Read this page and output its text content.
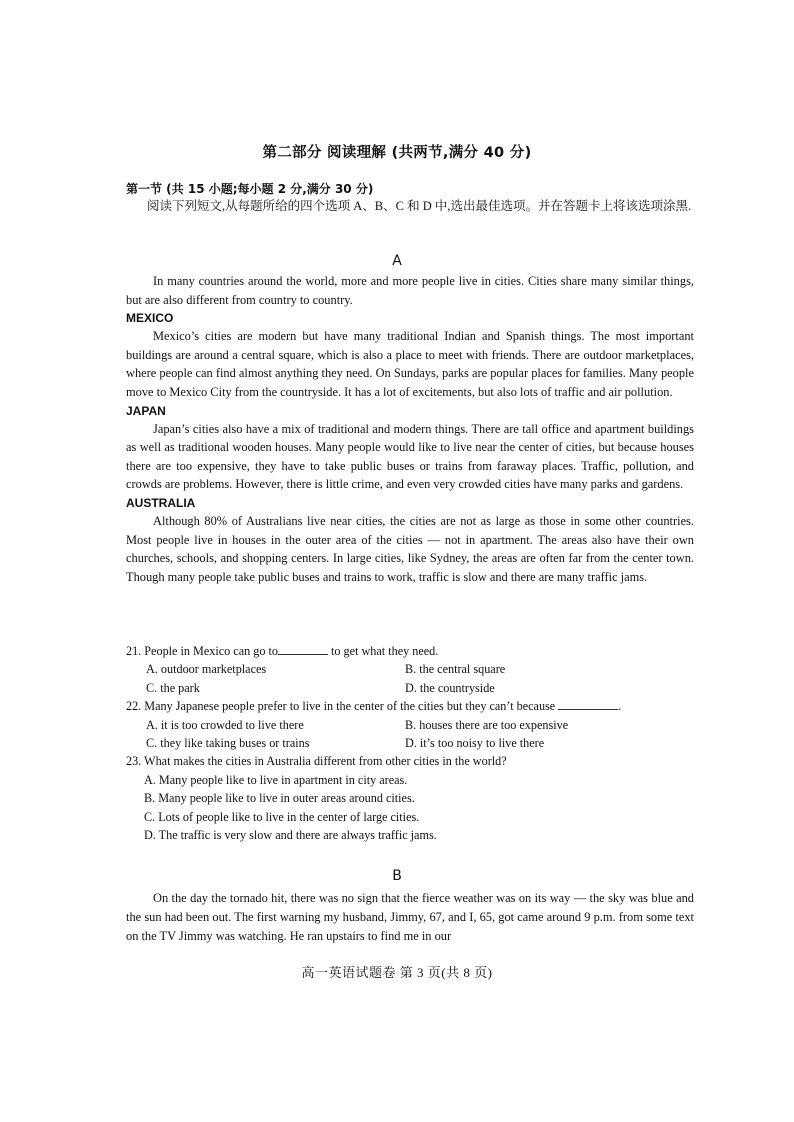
第二部分 阅读理解 (共两节,满分 40 分)
第一节 (共 15 小题;每小题 2 分,满分 30 分)
阅读下列短文,从每题所给的四个选项 A、B、C 和 D 中,选出最佳选项。并在答题卡上将该选项涂黑.
A

In many countries around the world, more and more people live in cities. Cities share many similar things, but are also different from country to country.

MEXICO

Mexico’s cities are modern but have many traditional Indian and Spanish things. The most important buildings are around a central square, which is also a place to meet with friends. There are outdoor marketplaces, where people can find almost anything they need. On Sundays, parks are popular places for families. Many people move to Mexico City from the countryside. It has a lot of excitements, but also lots of traffic and air pollution.

JAPAN

Japan’s cities also have a mix of traditional and modern things. There are tall office and apartment buildings as well as traditional wooden houses. Many people would like to live near the center of cities, but because houses there are too expensive, they have to take public buses or trains from faraway places. Traffic, pollution, and crowds are problems. However, there is little crime, and even very crowded cities have many parks and gardens.

AUSTRALIA

Although 80% of Australians live near cities, the cities are not as large as those in some other countries. Most people live in houses in the outer area of the cities — not in apartment. The areas also have their own churches, schools, and shopping centers. In large cities, like Sydney, the areas are often far from the center town. Though many people take public buses and trains to work, traffic is slow and there are many traffic jams.

21. People in Mexico can go to	to get what they need.
A. outdoor marketplaces	B. the central square
C. the park	D. the countryside
22. Many Japanese people prefer to live in the center of the cities but they can’t because	.
A. it is too crowded to live there	B. houses there are too expensive
C. they like taking buses or trains	D. it’s too noisy to live there
23. What makes the cities in Australia different from other cities in the world?
A. Many people like to live in apartment in city areas.
B. Many people like to live in outer areas around cities.
C. Lots of people like to live in the center of large cities.
D. The traffic is very slow and there are always traffic jams.
B

On the day the tornado hit, there was no sign that the fierce weather was on its way — the sky was blue and the sun had been out. The first warning my husband, Jimmy, 67, and I, 65, got came around 9 p.m. from some text on the TV Jimmy was watching. He ran upstairs to find me in our

高一英语试题卷 第 3 页(共 8 页)
